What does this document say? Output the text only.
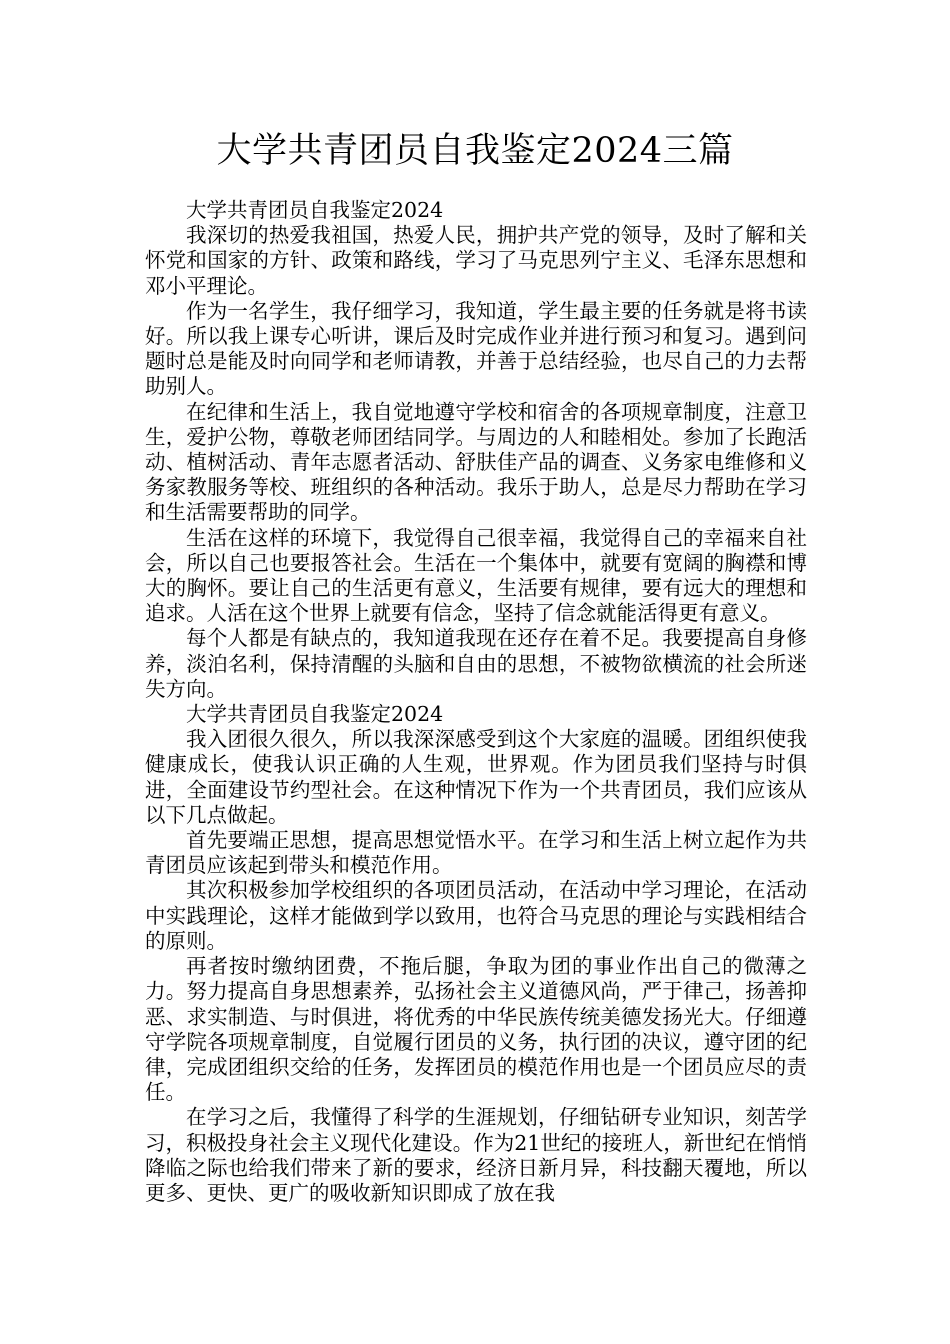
大学共青团员自我鉴定2024三篇

大学共青团员自我鉴定2024

我深切的热爱我祖国，热爱人民，拥护共产党的领导，及时了解和关怀党和国家的方针、政策和路线，学习了马克思列宁主义、毛泽东思想和邓小平理论。

作为一名学生，我仔细学习，我知道，学生最主要的任务就是将书读好。所以我上课专心听讲，课后及时完成作业并进行预习和复习。遇到问题时总是能及时向同学和老师请教，并善于总结经验，也尽自己的力去帮助别人。

在纪律和生活上，我自觉地遵守学校和宿舍的各项规章制度，注意卫生，爱护公物，尊敬老师团结同学。与周边的人和睦相处。参加了长跑活动、植树活动、青年志愿者活动、舒肤佳产品的调查、义务家电维修和义务家教服务等校、班组织的各种活动。我乐于助人，总是尽力帮助在学习和生活需要帮助的同学。

生活在这样的环境下，我觉得自己很幸福，我觉得自己的幸福来自社会，所以自己也要报答社会。生活在一个集体中，就要有宽阔的胸襟和博大的胸怀。要让自己的生活更有意义，生活要有规律，要有远大的理想和追求。人活在这个世界上就要有信念，坚持了信念就能活得更有意义。

每个人都是有缺点的，我知道我现在还存在着不足。我要提高自身修养，淡泊名利，保持清醒的头脑和自由的思想，不被物欲横流的社会所迷失方向。

大学共青团员自我鉴定2024

我入团很久很久，所以我深深感受到这个大家庭的温暖。团组织使我健康成长，使我认识正确的人生观，世界观。作为团员我们坚持与时俱进，全面建设节约型社会。在这种情况下作为一个共青团员，我们应该从以下几点做起。

首先要端正思想，提高思想觉悟水平。在学习和生活上树立起作为共青团员应该起到带头和模范作用。

其次积极参加学校组织的各项团员活动，在活动中学习理论，在活动中实践理论，这样才能做到学以致用，也符合马克思的理论与实践相结合的原则。

再者按时缴纳团费，不拖后腿，争取为团的事业作出自己的微薄之力。努力提高自身思想素养，弘扬社会主义道德风尚，严于律己，扬善抑恶、求实制造、与时俱进，将优秀的中华民族传统美德发扬光大。仔细遵守学院各项规章制度，自觉履行团员的义务，执行团的决议，遵守团的纪律，完成团组织交给的任务，发挥团员的模范作用也是一个团员应尽的责任。

在学习之后，我懂得了科学的生涯规划，仔细钻研专业知识，刻苦学习，积极投身社会主义现代化建设。作为21世纪的接班人，新世纪在悄悄降临之际也给我们带来了新的要求，经济日新月异，科技翻天覆地，所以更多、更快、更广的吸收新知识即成了放在我
